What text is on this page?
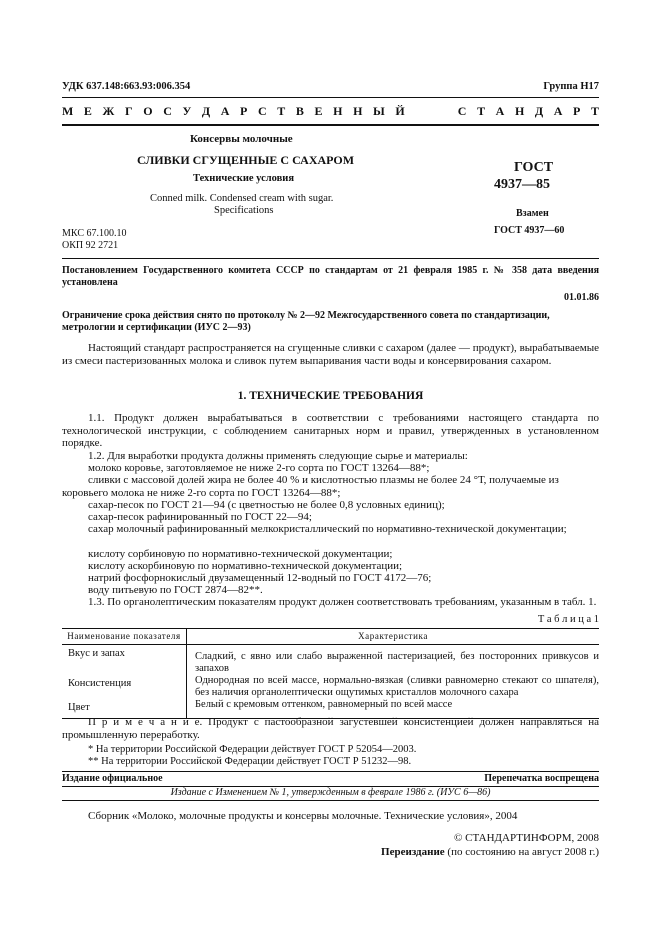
УДК 637.148:663.93:006.354	Группа Н17
М Е Ж Г О С У Д А Р С Т В Е Н Н Ы Й     С Т А Н Д А Р Т
Консервы молочные
СЛИВКИ СГУЩЕННЫЕ С САХАРОМ
Технические условия
Conned milk. Condensed cream with sugar.
Specifications
ГОСТ
4937—85
Взамен
ГОСТ 4937—60
МКС 67.100.10
ОКП 92 2721
Постановлением Государственного комитета СССР по стандартам от 21 февраля 1985 г. № 358 дата введения установлена
01.01.86
Ограничение срока действия снято по протоколу № 2—92 Межгосударственного совета по стандартизации, метрологии и сертификации (ИУС 2—93)
Настоящий стандарт распространяется на сгущенные сливки с сахаром (далее — продукт), вырабатываемые из смеси пастеризованных молока и сливок путем выпаривания части воды и консервирования сахаром.
1. ТЕХНИЧЕСКИЕ ТРЕБОВАНИЯ
1.1. Продукт должен вырабатываться в соответствии с требованиями настоящего стандарта по технологической инструкции, с соблюдением санитарных норм и правил, утвержденных в установленном порядке.
1.2. Для выработки продукта должны применять следующие сырье и материалы:
молоко коровье, заготовляемое не ниже 2-го сорта по ГОСТ 13264—88*;
сливки с массовой долей жира не более 40 % и кислотностью плазмы не более 24 °Т, получаемые из коровьего молока не ниже 2-го сорта по ГОСТ 13264—88*;
сахар-песок по ГОСТ 21—94 (с цветностью не более 0,8 условных единиц);
сахар-песок рафинированный по ГОСТ 22—94;
сахар молочный рафинированный мелкокристаллический по нормативно-технической документации;
кислоту сорбиновую по нормативно-технической документации;
кислоту аскорбиновую по нормативно-технической документации;
натрий фосфорнокислый двузамещенный 12-водный по ГОСТ 4172—76;
воду питьевую по ГОСТ 2874—82**.
1.3. По органолептическим показателям продукт должен соответствовать требованиям, указанным в табл. 1.
Т а б л и ц а 1
Наименование показателя	Характеристика
Вкус и запах	Сладкий, с явно или слабо выраженной пастеризацией, без посторонних привкусов и запахов
Консистенция	Однородная по всей массе, нормально-вязкая (сливки равномерно стекают со шпателя), без наличия органолептически ощутимых кристаллов молочного сахара
Цвет	Белый с кремовым оттенком, равномерный по всей массе
П р и м е ч а н и е. Продукт с пастообразной загустевшей консистенцией должен направляться на промышленную переработку.
* На территории Российской Федерации действует ГОСТ Р 52054—2003.
** На территории Российской Федерации действует ГОСТ Р 51232—98.
Издание официальное	Перепечатка воспрещена
Издание с Изменением № 1, утвержденным в феврале 1986 г. (ИУС 6—86)
Сборник «Молоко, молочные продукты и консервы молочные. Технические условия», 2004
© СТАНДАРТИНФОРМ, 2008
Переиздание (по состоянию на август 2008 г.)
